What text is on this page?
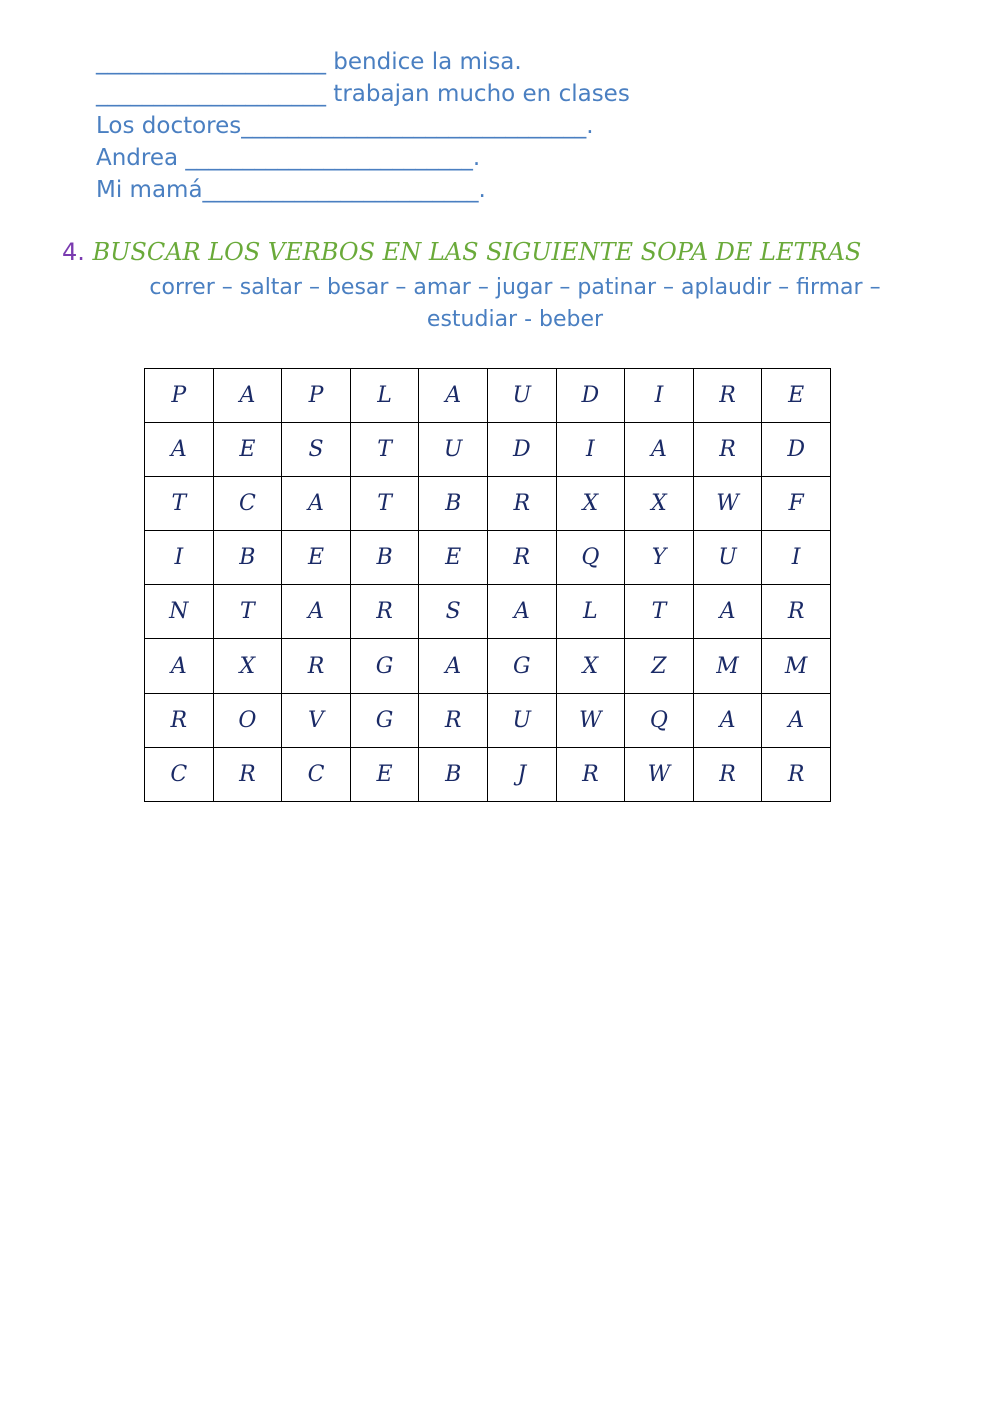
____________________ bendice la misa.
____________________ trabajan mucho en clases
Los doctores______________________________.
Andrea _________________________.
Mi mamá________________________.
4. BUSCAR LOS VERBOS EN LAS SIGUIENTE SOPA DE LETRAS
correr – saltar – besar – amar – jugar – patinar – aplaudir – firmar –
estudiar - beber
P	A	P	L	A	U	D	I	R	E
A	E	S	T	U	D	I	A	R	D
T	C	A	T	B	R	X	X	W	F
I	B	E	B	E	R	Q	Y	U	I
N	T	A	R	S	A	L	T	A	R
A	X	R	G	A	G	X	Z	M	M
R	O	V	G	R	U	W	Q	A	A
C	R	C	E	B	J	R	W	R	R
